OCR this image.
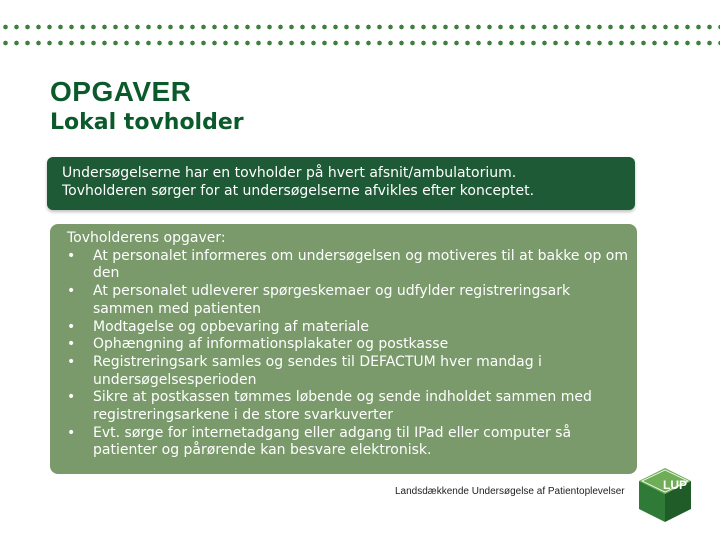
OPGAVER
Lokal tovholder
Undersøgelserne har en tovholder på hvert afsnit/ambulatorium.
Tovholderen sørger for at undersøgelserne afvikles efter konceptet.
Tovholderens opgaver:
• At personalet informeres om undersøgelsen og motiveres til at bakke op om den
• At personalet udleverer spørgeskemaer og udfylder registreringsark sammen med patienten
• Modtagelse og opbevaring af materiale
• Ophængning af informationsplakater og postkasse
• Registreringsark samles og sendes til DEFACTUM hver mandag i undersøgelsesperioden
• Sikre at postkassen tømmes løbende og sende indholdet sammen med registreringsarkene i de store svarkuverter
• Evt. sørge for internetadgang eller adgang til IPad eller computer så patienter og pårørende kan besvare elektronisk.
Landsdækkende Undersøgelse af Patientoplevelser	LUP
